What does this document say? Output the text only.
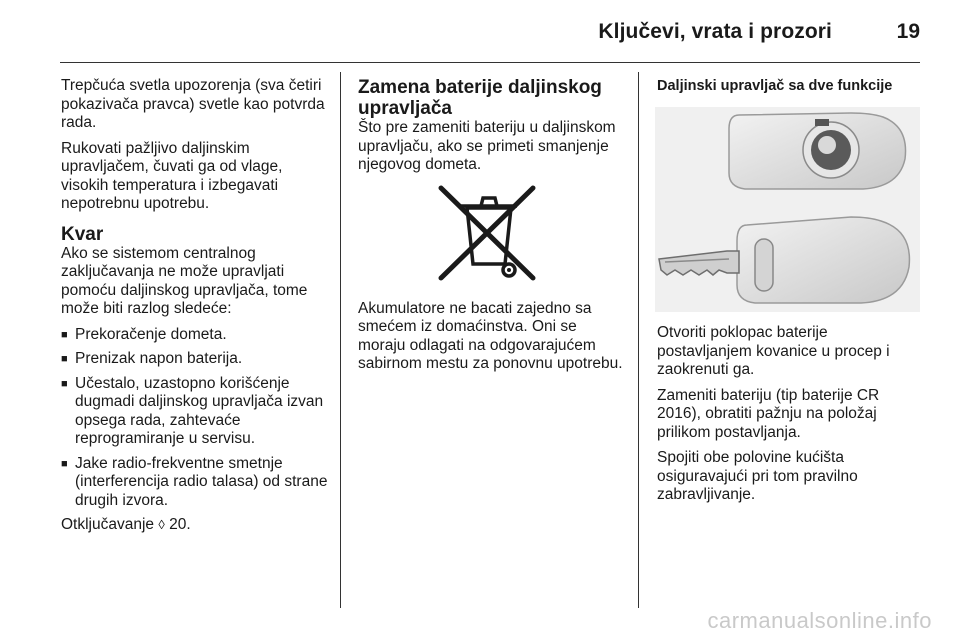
Ključevi, vrata i prozori	19

Trepčuća svetla upozorenja (sva četiri pokazivača pravca) svetle kao potvrda rada.

Rukovati pažljivo daljinskim upravljačem, čuvati ga od vlage, visokih temperatura i izbegavati nepotrebnu upotrebu.

Kvar

Ako se sistemom centralnog zaključavanja ne može upravljati pomoću daljinskog upravljača, tome može biti razlog sledeće:

■ Prekoračenje dometa.
■ Prenizak napon baterija.
■ Učestalo, uzastopno korišćenje dugmadi daljinskog upravljača izvan opsega rada, zahtevaće reprogramiranje u servisu.
■ Jake radio-frekventne smetnje (interferencija radio talasa) od strane drugih izvora.

Otključavanje ◊ 20.

Zamena baterije daljinskog upravljača

Što pre zameniti bateriju u daljinskom upravljaču, ako se primeti smanjenje njegovog dometa.

Akumulatore ne bacati zajedno sa smećem iz domaćinstva. Oni se moraju odlagati na odgovarajućem sabirnom mestu za ponovnu upotrebu.

Daljinski upravljač sa dve funkcije

Otvoriti poklopac baterije postavljanjem kovanice u procep i zaokrenuti ga.

Zameniti bateriju (tip baterije CR 2016), obratiti pažnju na položaj prilikom postavljanja.

Spojiti obe polovine kućišta osiguravajući pri tom pravilno zabravljivanje.

carmanualsonline.info
